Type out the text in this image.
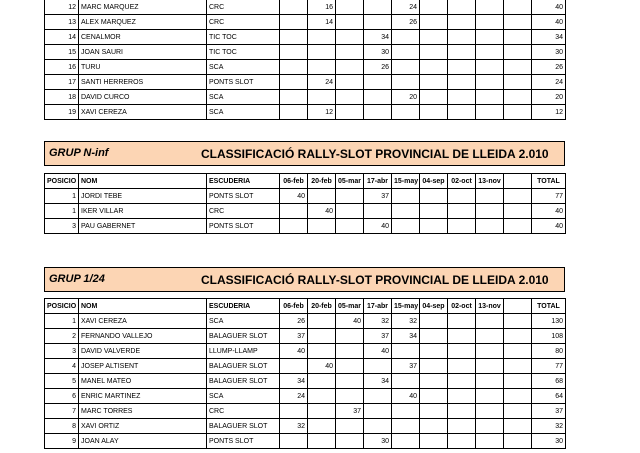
12	MARC MARQUEZ	CRC		16			24					40
13	ALEX MARQUEZ	CRC		14			26					40
14	CENALMOR	TIC TOC				34						34
15	JOAN SAURI	TIC TOC				30						30
16	TURU	SCA				26						26
17	SANTI HERREROS	PONTS SLOT		24								24
18	DAVID CURCO	SCA					20					20
19	XAVI CEREZA	SCA		12								12
GRUP N-inf	CLASSIFICACIÓ RALLY-SLOT PROVINCIAL DE LLEIDA 2.010
POSICIO	NOM	ESCUDERIA	06-feb	20-feb	05-mar	17-abr	15-may	04-sep	02-oct	13-nov		TOTAL
1	JORDI TEBE	PONTS SLOT	40			37						77
1	IKER VILLAR	CRC		40								40
3	PAU GABERNET	PONTS SLOT				40						40
GRUP 1/24	CLASSIFICACIÓ RALLY-SLOT PROVINCIAL DE LLEIDA 2.010
POSICIO	NOM	ESCUDERIA	06-feb	20-feb	05-mar	17-abr	15-may	04-sep	02-oct	13-nov		TOTAL
1	XAVI CEREZA	SCA	26		40	32	32					130
2	FERNANDO VALLEJO	BALAGUER SLOT	37			37	34					108
3	DAVID VALVERDE	LLUMP-LLAMP	40			40						80
4	JOSEP ALTISENT	BALAGUER SLOT		40			37					77
5	MANEL MATEO	BALAGUER SLOT	34			34						68
6	ENRIC MARTINEZ	SCA	24				40					64
7	MARC TORRES	CRC			37							37
8	XAVI ORTIZ	BALAGUER SLOT	32									32
9	JOAN ALAY	PONTS SLOT				30						30
